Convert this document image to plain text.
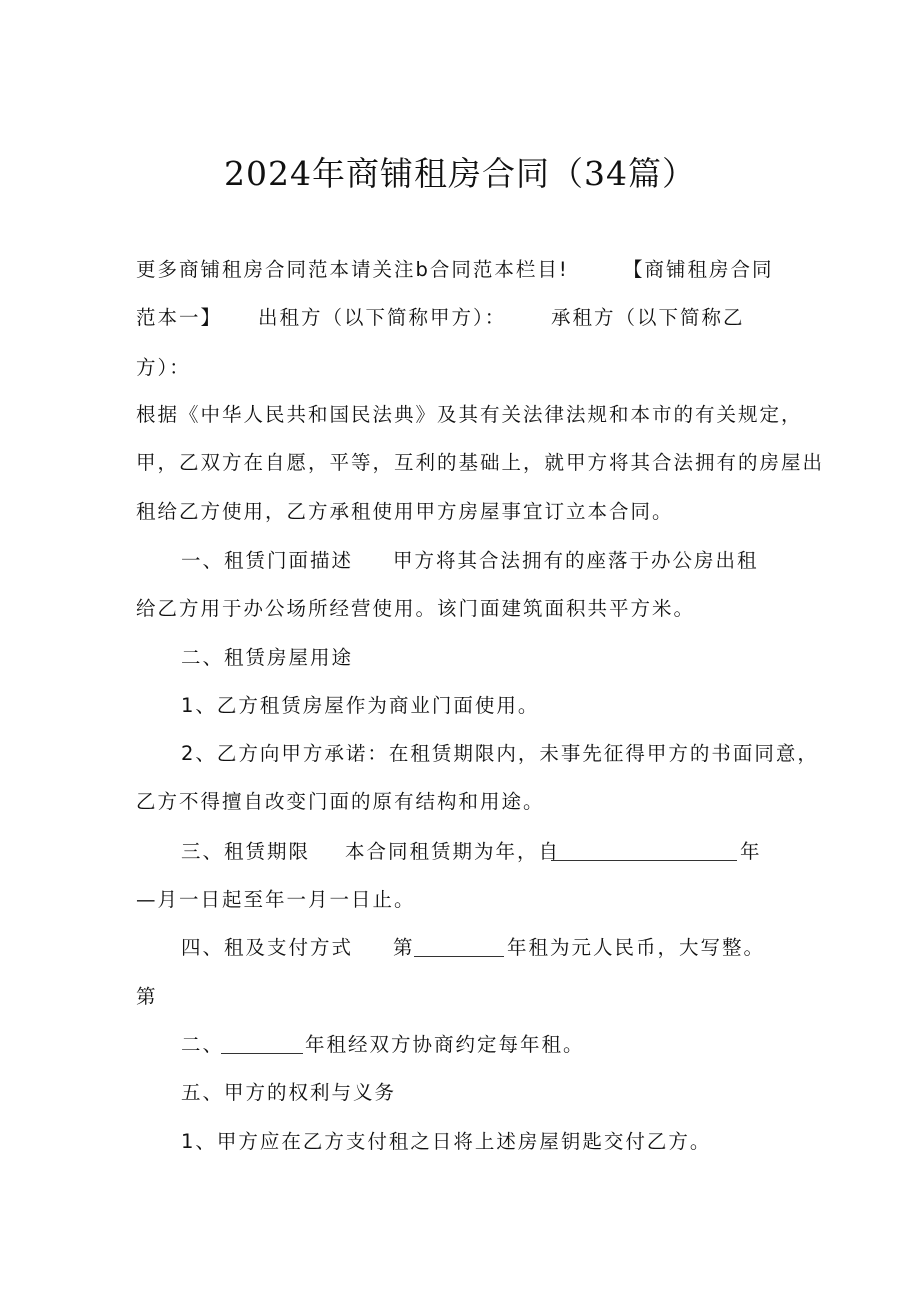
2024年商铺租房合同（34篇）
更多商铺租房合同范本请关注b合同范本栏目!	【商铺租房合同
范本一】 出租方（以下简称甲方）： 承租方（以下简称乙
方）：
根据《中华人民共和国民法典》及其有关法律法规和本市的有关规定，
甲，乙双方在自愿，平等，互利的基础上，就甲方将其合法拥有的房屋出
租给乙方使用，乙方承租使用甲方房屋事宜订立本合同。
一、租赁门面描述 甲方将其合法拥有的座落于办公房出租
给乙方用于办公场所经营使用。该门面建筑面积共平方米。
二、租赁房屋用途
1、乙方租赁房屋作为商业门面使用。
2、乙方向甲方承诺：在租赁期限内，未事先征得甲方的书面同意，
乙方不得擅自改变门面的原有结构和用途。
三、租赁期限 本合同租赁期为年，自	年
—月一日起至年一月一日止。
四、租及支付方式 第	年租为元人民币，大写整。
第
二、	年租经双方协商约定每年租。
五、甲方的权利与义务
1、甲方应在乙方支付租之日将上述房屋钥匙交付乙方。
